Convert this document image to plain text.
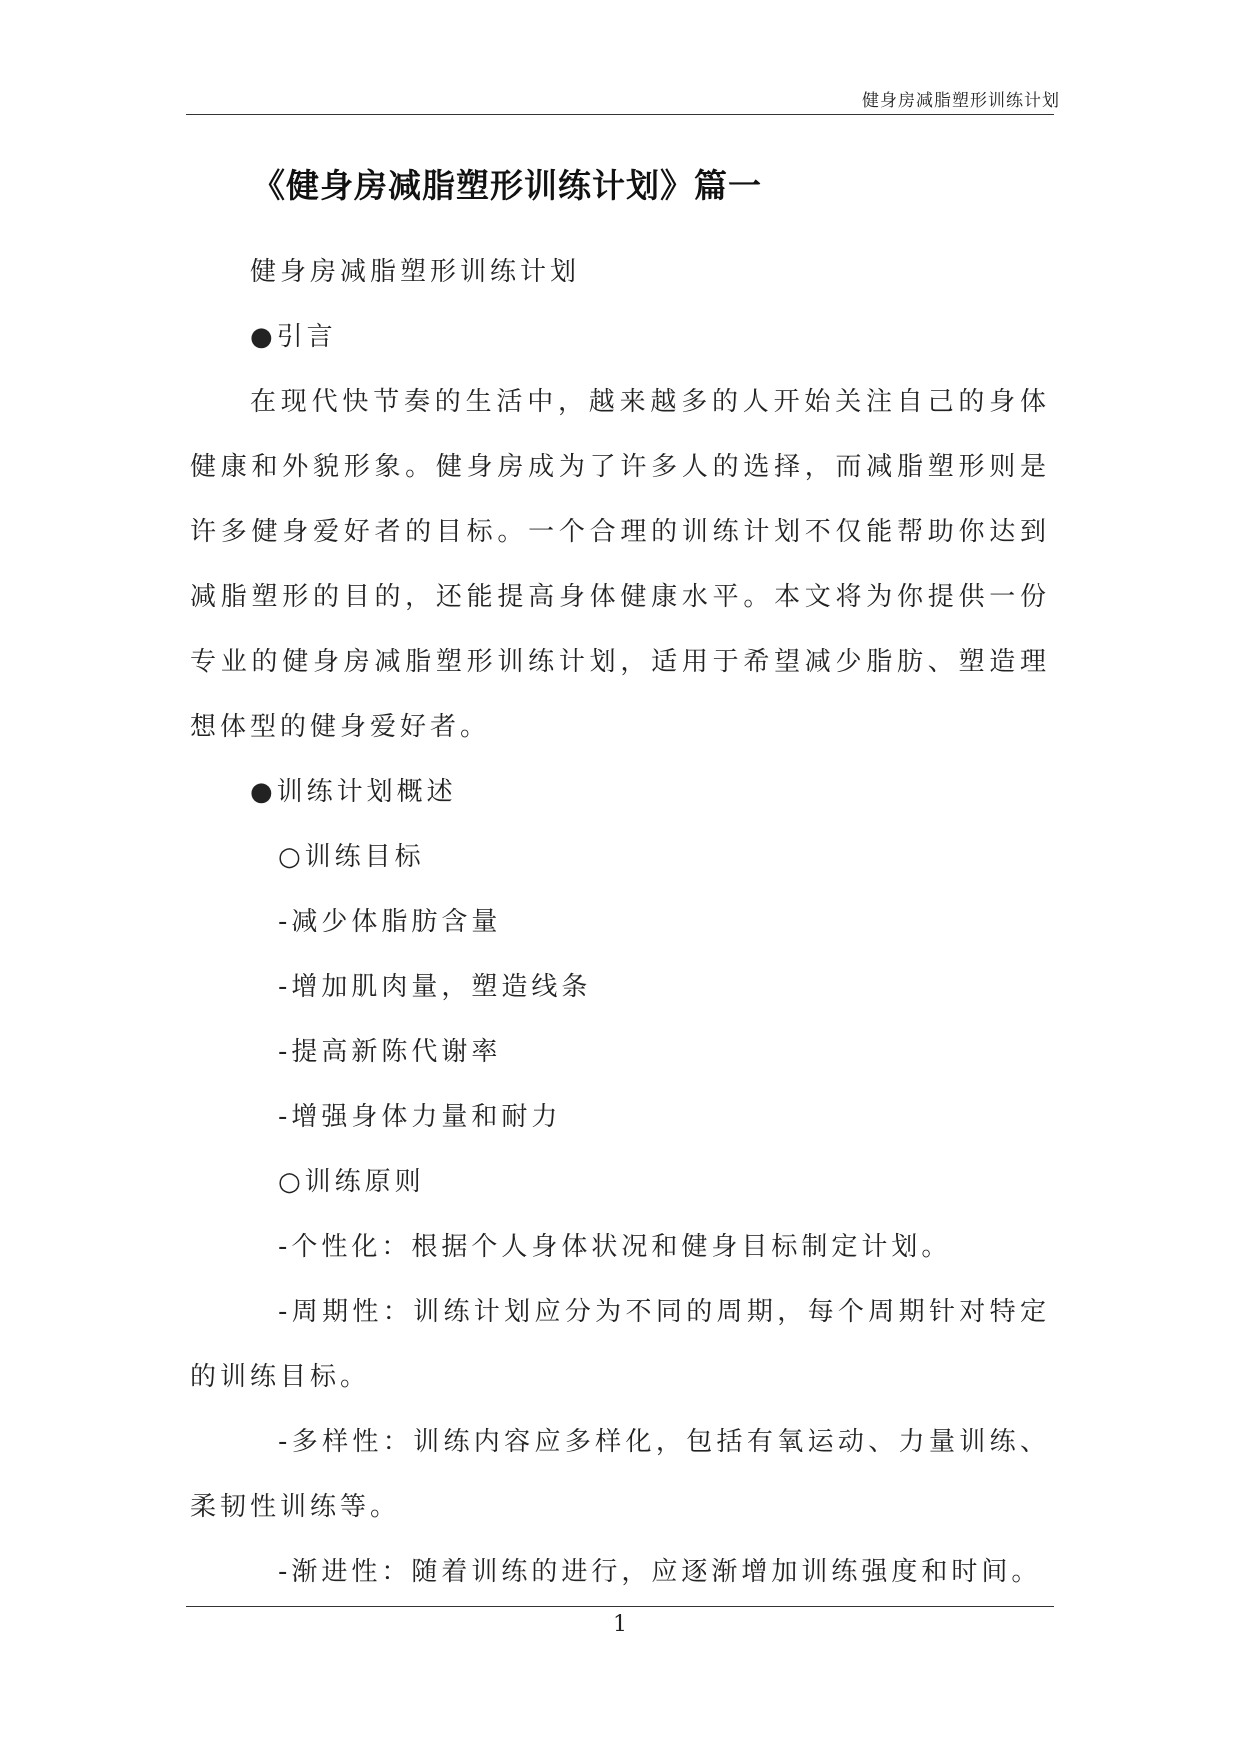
健身房减脂塑形训练计划
《健身房减脂塑形训练计划》篇一

健身房减脂塑形训练计划

●引言

在现代快节奏的生活中，越来越多的人开始关注自己的身体健康和外貌形象。健身房成为了许多人的选择，而减脂塑形则是许多健身爱好者的目标。一个合理的训练计划不仅能帮助你达到减脂塑形的目的，还能提高身体健康水平。本文将为你提供一份专业的健身房减脂塑形训练计划，适用于希望减少脂肪、塑造理想体型的健身爱好者。

●训练计划概述

○训练目标

-减少体脂肪含量

-增加肌肉量，塑造线条

-提高新陈代谢率

-增强身体力量和耐力

○训练原则

-个性化：根据个人身体状况和健身目标制定计划。

-周期性：训练计划应分为不同的周期，每个周期针对特定的训练目标。

-多样性：训练内容应多样化，包括有氧运动、力量训练、柔韧性训练等。

-渐进性：随着训练的进行，应逐渐增加训练强度和时间。

1
